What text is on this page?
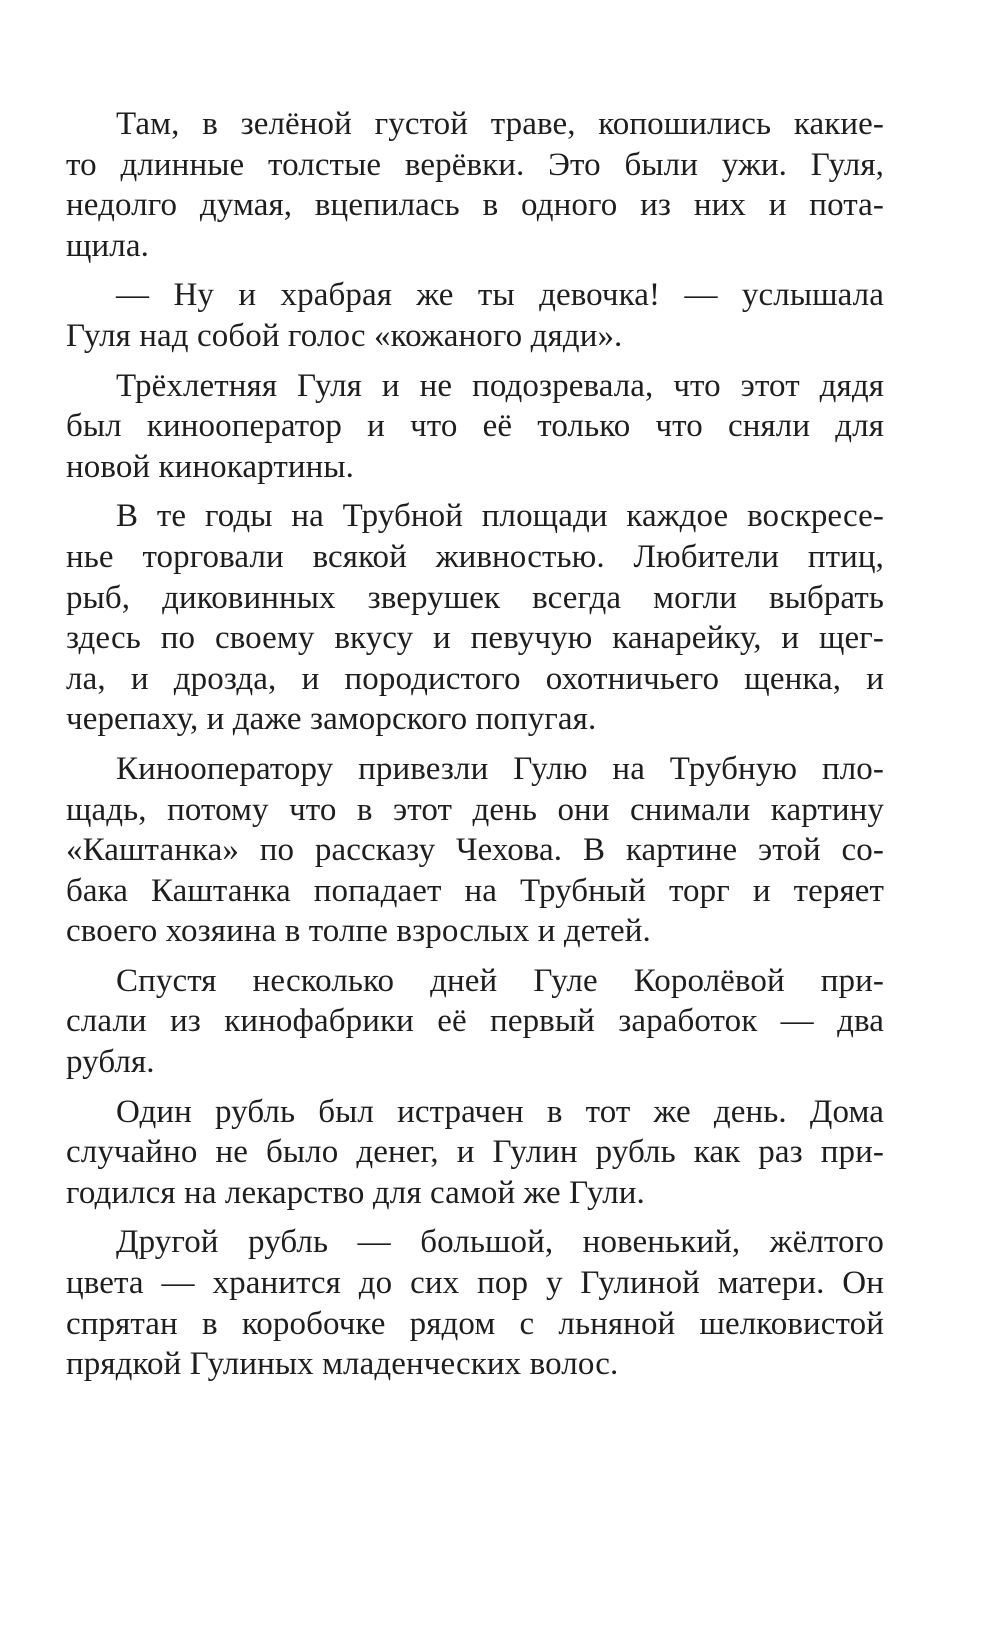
Там, в зелёной густой траве, копошились какие-
то длинные толстые верёвки. Это были ужи. Гуля,
недолго думая, вцепилась в одного из них и пота-
щила.
— Ну и храбрая же ты девочка! — услышала
Гуля над собой голос «кожаного дяди».
Трёхлетняя Гуля и не подозревала, что этот дядя
был кинооператор и что её только что сняли для
новой кинокартины.
В те годы на Трубной площади каждое воскресе-
нье торговали всякой живностью. Любители птиц,
рыб, диковинных зверушек всегда могли выбрать
здесь по своему вкусу и певучую канарейку, и щег-
ла, и дрозда, и породистого охотничьего щенка, и
черепаху, и даже заморского попугая.
Кинооператору привезли Гулю на Трубную пло-
щадь, потому что в этот день они снимали картину
«Каштанка» по рассказу Чехова. В картине этой со-
бака Каштанка попадает на Трубный торг и теряет
своего хозяина в толпе взрослых и детей.
Спустя несколько дней Гуле Королёвой при-
слали из кинофабрики её первый заработок — два
рубля.
Один рубль был истрачен в тот же день. Дома
случайно не было денег, и Гулин рубль как раз при-
годился на лекарство для самой же Гули.
Другой рубль — большой, новенький, жёлтого
цвета — хранится до сих пор у Гулиной матери. Он
спрятан в коробочке рядом с льняной шелковистой
прядкой Гулиных младенческих волос.
